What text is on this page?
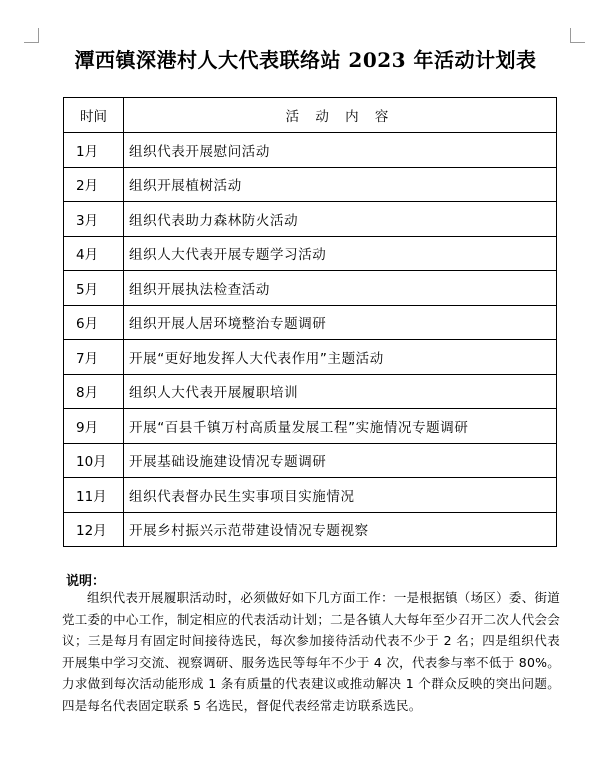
潭西镇深港村人大代表联络站 2023 年活动计划表
时间	活 动 内 容
1月	组织代表开展慰问活动
2月	组织开展植树活动
3月	组织代表助力森林防火活动
4月	组织人大代表开展专题学习活动
5月	组织开展执法检查活动
6月	组织开展人居环境整治专题调研
7月	开展“更好地发挥人大代表作用”主题活动
8月	组织人大代表开展履职培训
9月	开展“百县千镇万村高质量发展工程”实施情况专题调研
10月	开展基础设施建设情况专题调研
11月	组织代表督办民生实事项目实施情况
12月	开展乡村振兴示范带建设情况专题视察
说明：
组织代表开展履职活动时，必须做好如下几方面工作：一是根据镇（场区）委、街道党工委的中心工作，制定相应的代表活动计划；二是各镇人大每年至少召开二次人代会会议；三是每月有固定时间接待选民，每次参加接待活动代表不少于 2 名；四是组织代表开展集中学习交流、视察调研、服务选民等每年不少于 4 次，代表参与率不低于 80%。力求做到每次活动能形成 1 条有质量的代表建议或推动解决 1 个群众反映的突出问题。四是每名代表固定联系 5 名选民，督促代表经常走访联系选民。
